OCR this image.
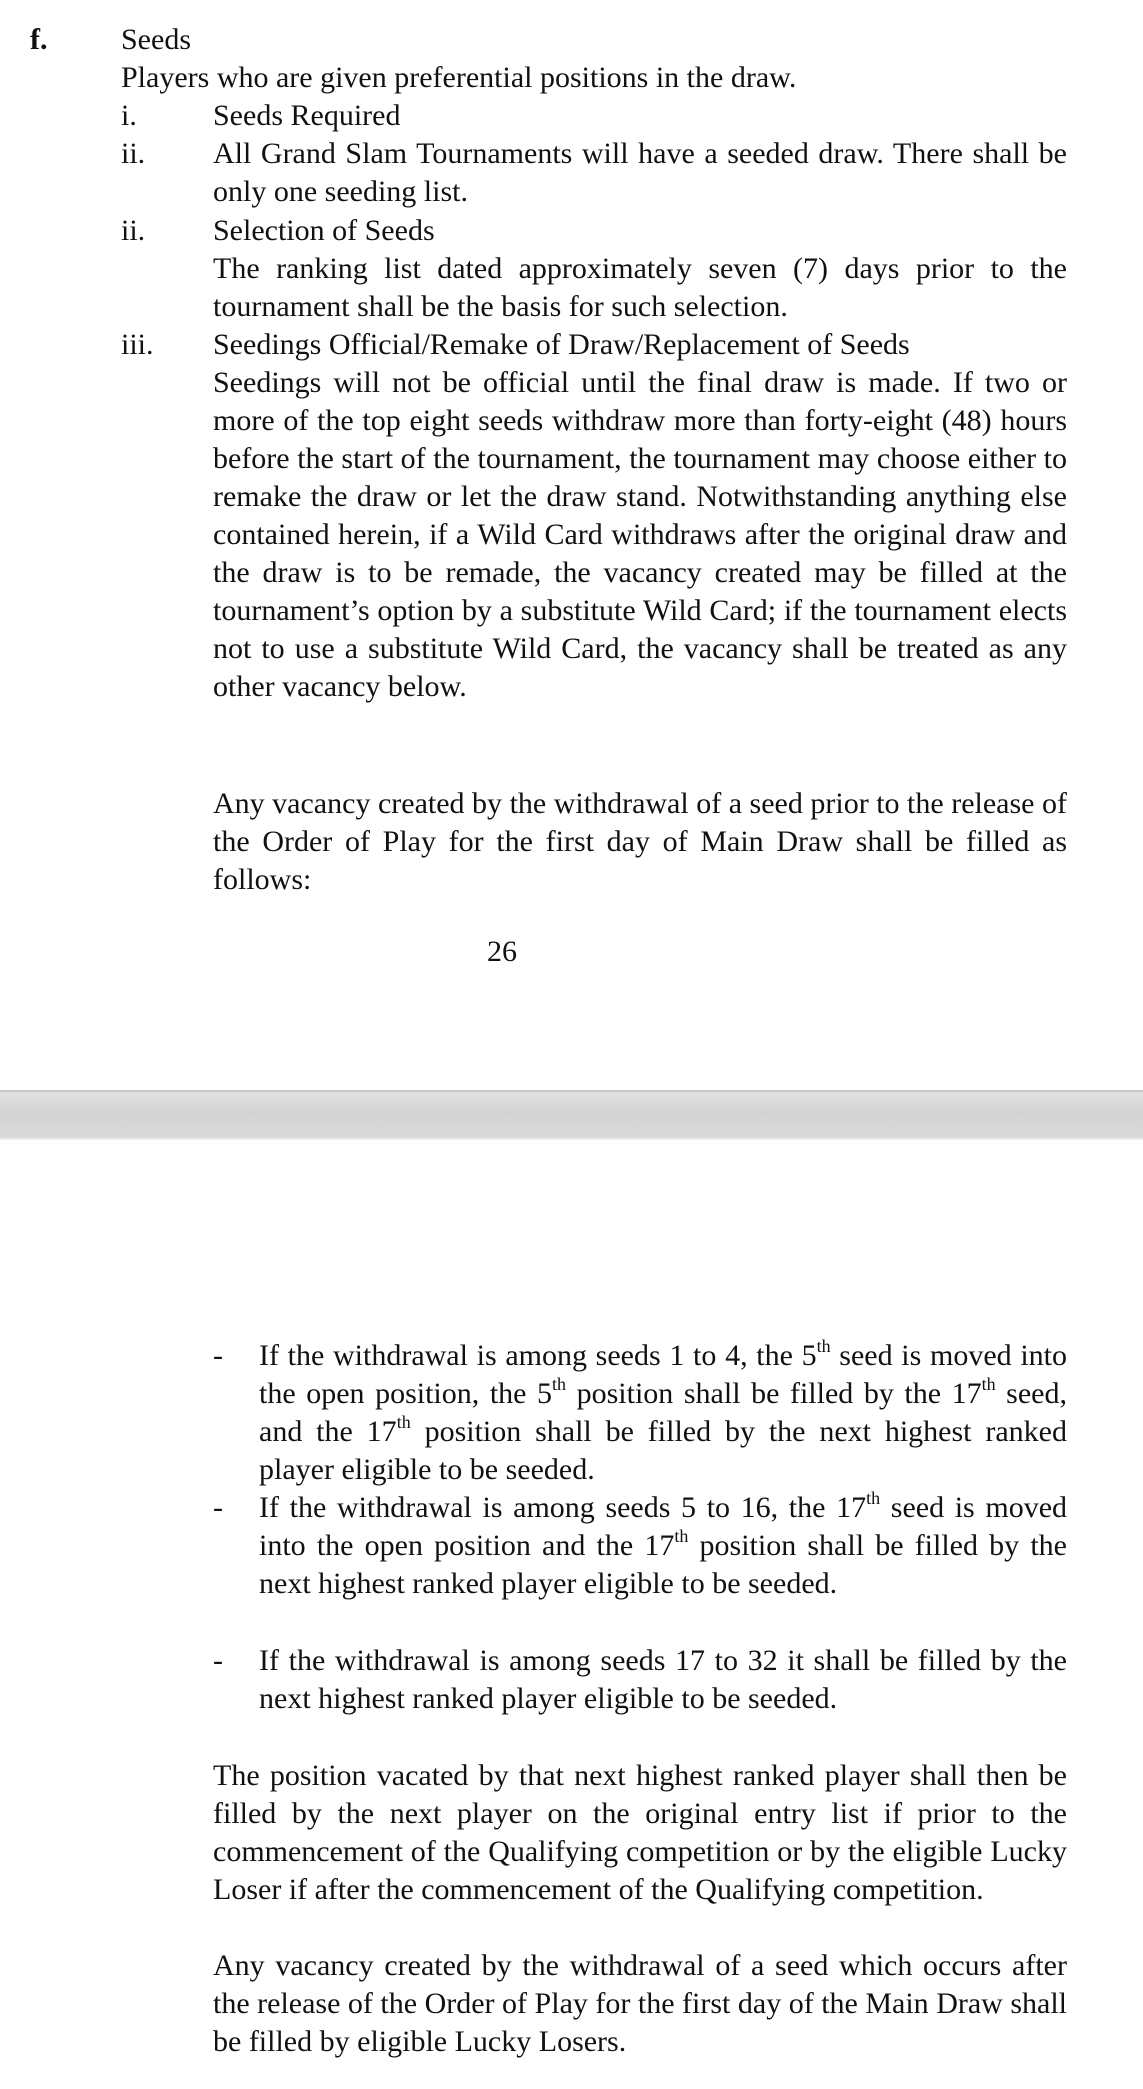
f. Seeds
Players who are given preferential positions in the draw.
i.	Seeds Required
ii. All Grand Slam Tournaments will have a seeded draw. There shall be only one seeding list.
ii. Selection of Seeds
The ranking list dated approximately seven (7) days prior to the tournament shall be the basis for such selection.
iii. Seedings Official/Remake of Draw/Replacement of Seeds
Seedings will not be official until the final draw is made. If two or more of the top eight seeds withdraw more than forty-eight (48) hours before the start of the tournament, the tournament may choose either to remake the draw or let the draw stand. Notwithstanding anything else contained herein, if a Wild Card withdraws after the original draw and the draw is to be remade, the vacancy created may be filled at the tournament’s option by a substitute Wild Card; if the tournament elects not to use a substitute Wild Card, the vacancy shall be treated as any other vacancy below.
Any vacancy created by the withdrawal of a seed prior to the release of the Order of Play for the first day of Main Draw shall be filled as follows:
26
- If the withdrawal is among seeds 1 to 4, the 5th seed is moved into the open position, the 5th position shall be filled by the 17th seed, and the 17th position shall be filled by the next highest ranked player eligible to be seeded.
- If the withdrawal is among seeds 5 to 16, the 17th seed is moved into the open position and the 17th position shall be filled by the next highest ranked player eligible to be seeded.
- If the withdrawal is among seeds 17 to 32 it shall be filled by the next highest ranked player eligible to be seeded.
The position vacated by that next highest ranked player shall then be filled by the next player on the original entry list if prior to the commencement of the Qualifying competition or by the eligible Lucky Loser if after the commencement of the Qualifying competition.
Any vacancy created by the withdrawal of a seed which occurs after the release of the Order of Play for the first day of the Main Draw shall be filled by eligible Lucky Losers.
